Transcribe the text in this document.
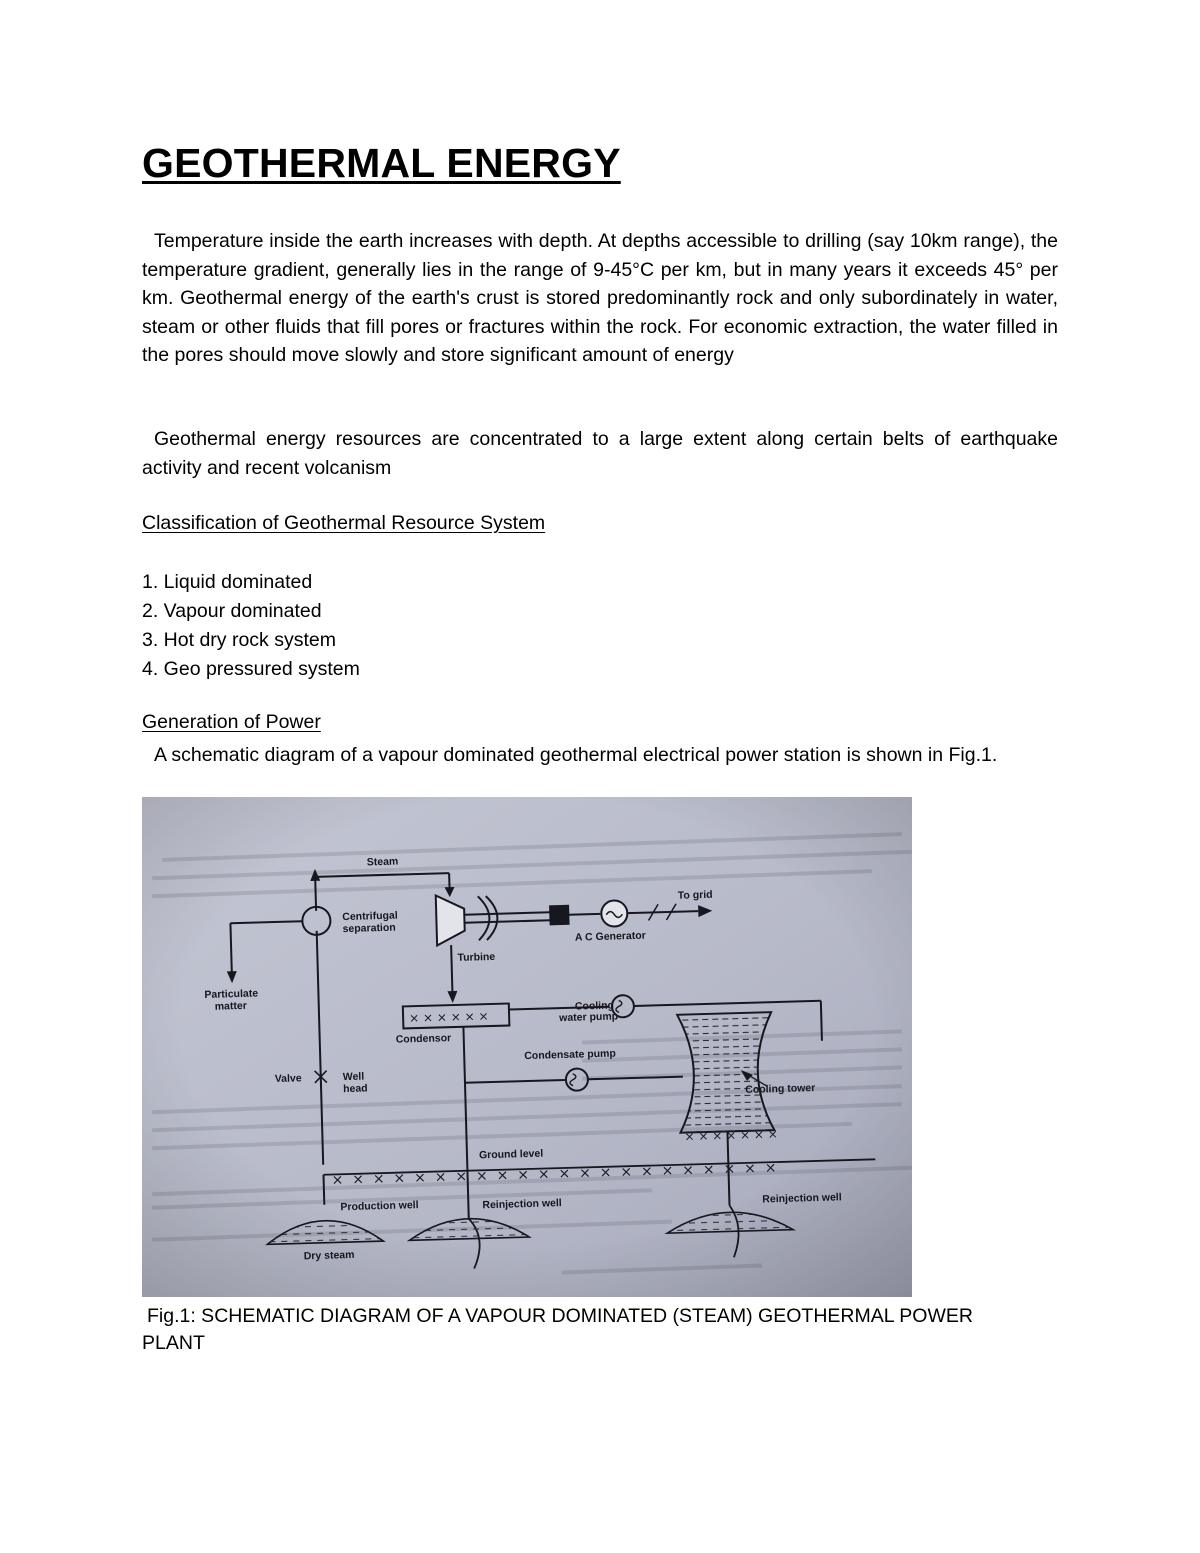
GEOTHERMAL ENERGY

Temperature inside the earth increases with depth. At depths accessible to drilling (say 10km range), the temperature gradient, generally lies in the range of 9-45°C per km, but in many years it exceeds 45° per km. Geothermal energy of the earth's crust is stored predominantly rock and only subordinately in water, steam or other fluids that fill pores or fractures within the rock. For economic extraction, the water filled in the pores should move slowly and store significant amount of energy

Geothermal energy resources are concentrated to a large extent along certain belts of earthquake activity and recent volcanism

Classification of Geothermal Resource System

1. Liquid dominated
2. Vapour dominated
3. Hot dry rock system
4. Geo pressured system

Generation of Power

A schematic diagram of a vapour dominated geothermal electrical power station is shown in Fig.1.

Fig.1: SCHEMATIC DIAGRAM OF A VAPOUR DOMINATED (STEAM) GEOTHERMAL POWER PLANT
